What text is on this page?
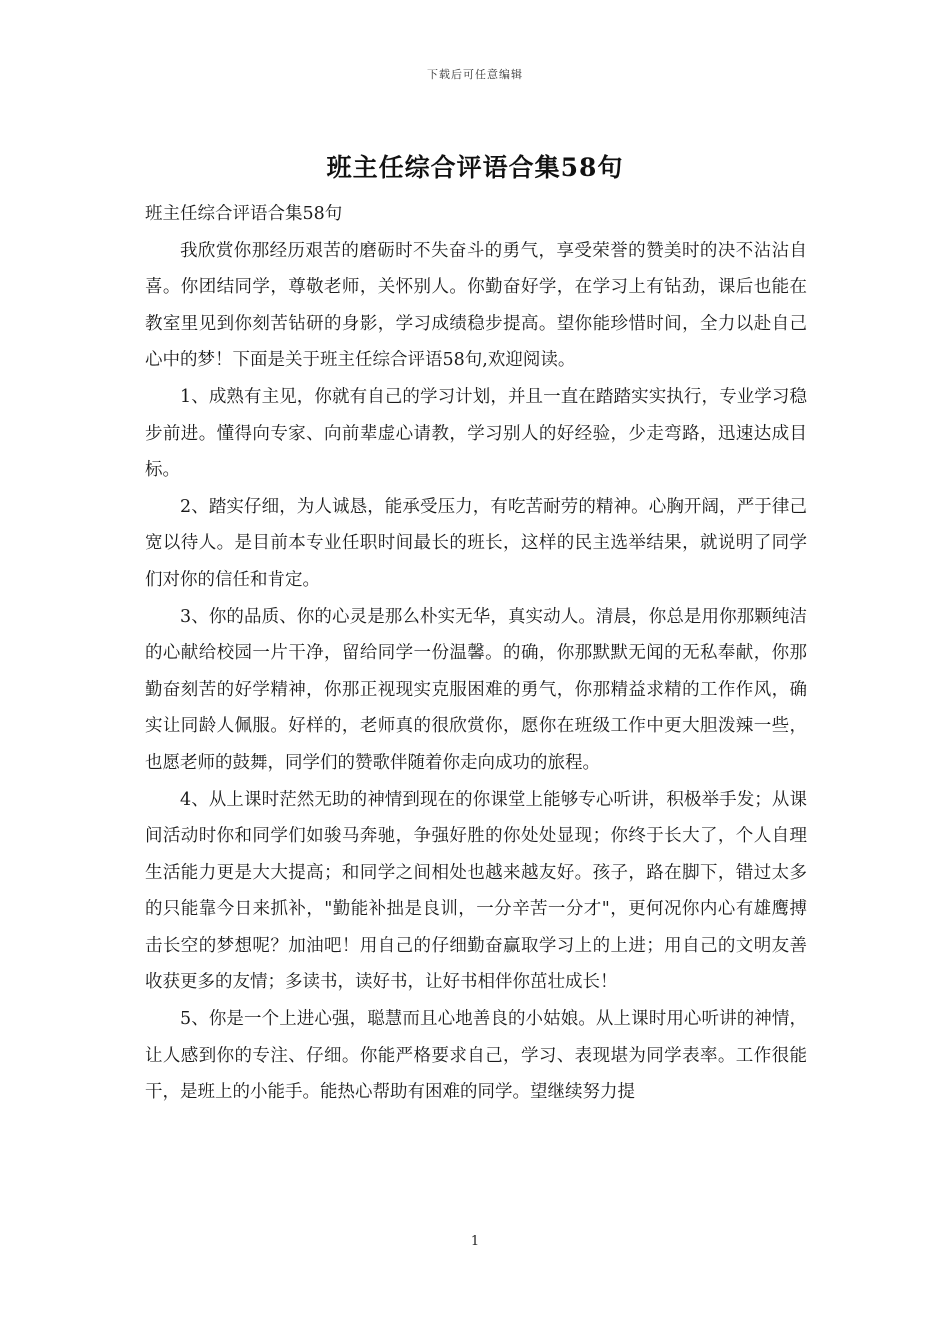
下载后可任意编辑
班主任综合评语合集58句

班主任综合评语合集58句

我欣赏你那经历艰苦的磨砺时不失奋斗的勇气，享受荣誉的赞美时的决不沾沾自喜。你团结同学，尊敬老师，关怀别人。你勤奋好学，在学习上有钻劲，课后也能在教室里见到你刻苦钻研的身影，学习成绩稳步提高。望你能珍惜时间，全力以赴自己心中的梦！下面是关于班主任综合评语58句,欢迎阅读。

1、成熟有主见，你就有自己的学习计划，并且一直在踏踏实实执行，专业学习稳步前进。懂得向专家、向前辈虚心请教，学习别人的好经验，少走弯路，迅速达成目标。

2、踏实仔细，为人诚恳，能承受压力，有吃苦耐劳的精神。心胸开阔，严于律己宽以待人。是目前本专业任职时间最长的班长，这样的民主选举结果，就说明了同学们对你的信任和肯定。

3、你的品质、你的心灵是那么朴实无华，真实动人。清晨，你总是用你那颗纯洁的心献给校园一片干净，留给同学一份温馨。的确，你那默默无闻的无私奉献，你那勤奋刻苦的好学精神，你那正视现实克服困难的勇气，你那精益求精的工作作风，确实让同龄人佩服。好样的，老师真的很欣赏你，愿你在班级工作中更大胆泼辣一些，也愿老师的鼓舞，同学们的赞歌伴随着你走向成功的旅程。

4、从上课时茫然无助的神情到现在的你课堂上能够专心听讲，积极举手发；从课间活动时你和同学们如骏马奔驰，争强好胜的你处处显现；你终于长大了，个人自理生活能力更是大大提高；和同学之间相处也越来越友好。孩子，路在脚下，错过太多的只能靠今日来抓补，"勤能补拙是良训，一分辛苦一分才"，更何况你内心有雄鹰搏击长空的梦想呢？加油吧！用自己的仔细勤奋赢取学习上的上进；用自己的文明友善收获更多的友情；多读书，读好书，让好书相伴你茁壮成长！

5、你是一个上进心强，聪慧而且心地善良的小姑娘。从上课时用心听讲的神情，让人感到你的专注、仔细。你能严格要求自己，学习、表现堪为同学表率。工作很能干，是班上的小能手。能热心帮助有困难的同学。望继续努力提

1
